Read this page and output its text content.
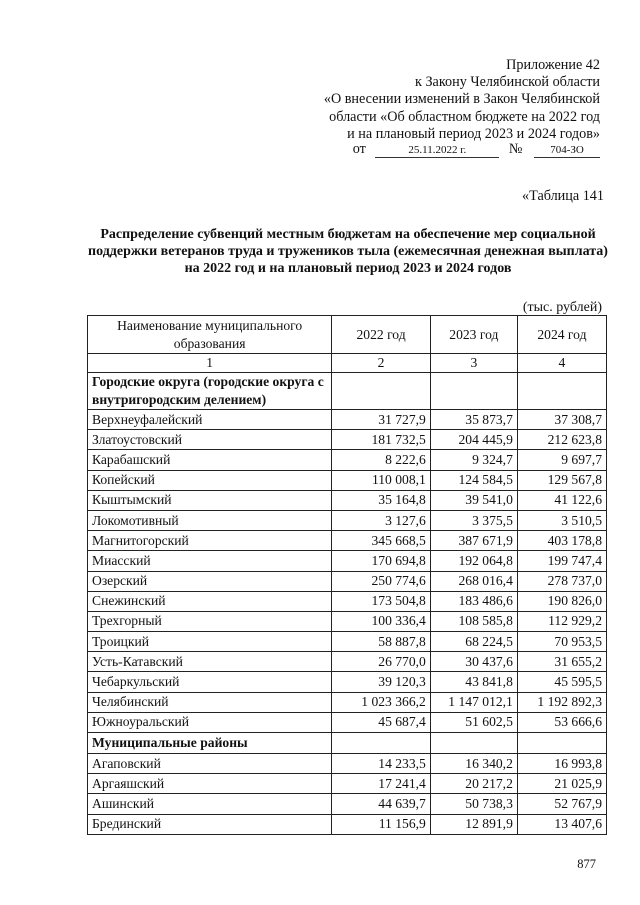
Приложение 42
к Закону Челябинской области
«О внесении изменений в Закон Челябинской
области «Об областном бюджете на 2022 год
и на плановый период 2023 и 2024 годов»
от	25.11.2022 г.	№	704-ЗО
«Таблица 141
Распределение субвенций местным бюджетам на обеспечение мер социальной поддержки ветеранов труда и тружеников тыла (ежемесячная денежная выплата) на 2022 год и на плановый период 2023 и 2024 годов
(тыс. рублей)
Наименование муниципального образования	2022 год	2023 год	2024 год
1	2	3	4
Городские округа (городские округа с внутригородским делением)			
Верхнеуфалейский	31 727,9	35 873,7	37 308,7
Златоустовский	181 732,5	204 445,9	212 623,8
Карабашский	8 222,6	9 324,7	9 697,7
Копейский	110 008,1	124 584,5	129 567,8
Кыштымский	35 164,8	39 541,0	41 122,6
Локомотивный	3 127,6	3 375,5	3 510,5
Магнитогорский	345 668,5	387 671,9	403 178,8
Миасский	170 694,8	192 064,8	199 747,4
Озерский	250 774,6	268 016,4	278 737,0
Снежинский	173 504,8	183 486,6	190 826,0
Трехгорный	100 336,4	108 585,8	112 929,2
Троицкий	58 887,8	68 224,5	70 953,5
Усть-Катавский	26 770,0	30 437,6	31 655,2
Чебаркульский	39 120,3	43 841,8	45 595,5
Челябинский	1 023 366,2	1 147 012,1	1 192 892,3
Южноуральский	45 687,4	51 602,5	53 666,6
Муниципальные районы			
Агаповский	14 233,5	16 340,2	16 993,8
Аргаяшский	17 241,4	20 217,2	21 025,9
Ашинский	44 639,7	50 738,3	52 767,9
Брединский	11 156,9	12 891,9	13 407,6
877
